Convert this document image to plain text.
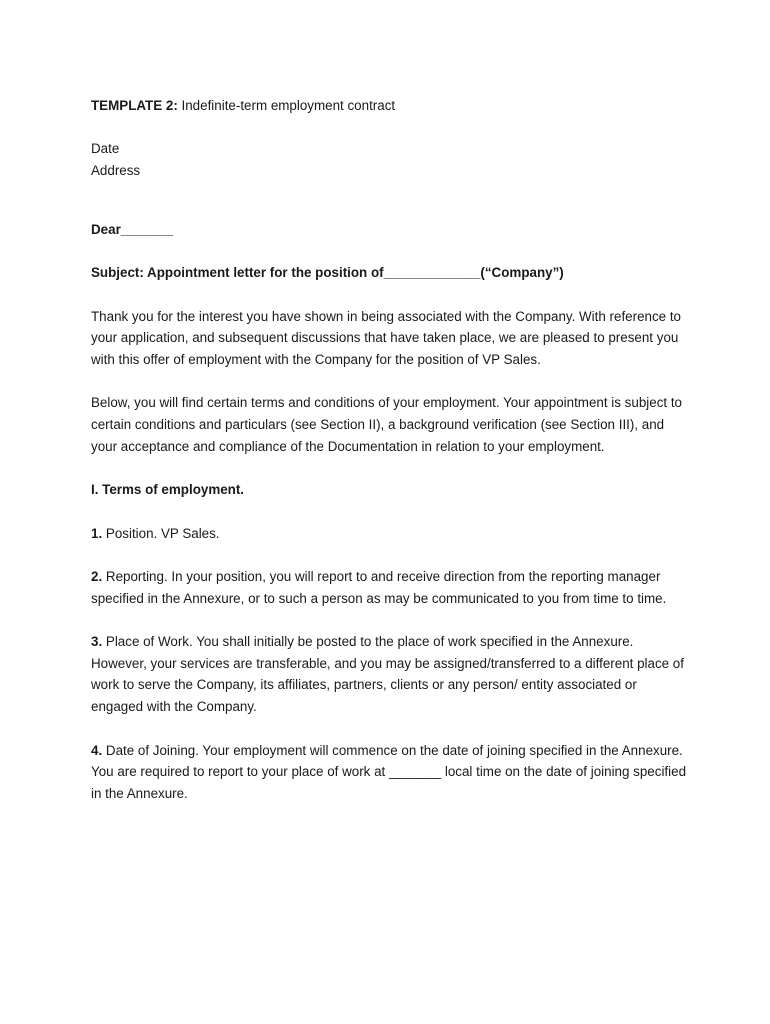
TEMPLATE 2: Indefinite-term employment contract

Date
Address

Dear_______

Subject: Appointment letter for the position of_____________(“Company”)

Thank you for the interest you have shown in being associated with the Company. With reference to your application, and subsequent discussions that have taken place, we are pleased to present you with this offer of employment with the Company for the position of VP Sales.

Below, you will find certain terms and conditions of your employment. Your appointment is subject to certain conditions and particulars (see Section II), a background verification (see Section III), and your acceptance and compliance of the Documentation in relation to your employment.

I. Terms of employment.

1. Position. VP Sales.

2. Reporting. In your position, you will report to and receive direction from the reporting manager specified in the Annexure, or to such a person as may be communicated to you from time to time.

3. Place of Work. You shall initially be posted to the place of work specified in the Annexure. However, your services are transferable, and you may be assigned/transferred to a different place of work to serve the Company, its affiliates, partners, clients or any person/ entity associated or engaged with the Company.

4. Date of Joining. Your employment will commence on the date of joining specified in the Annexure. You are required to report to your place of work at _______ local time on the date of joining specified in the Annexure.
